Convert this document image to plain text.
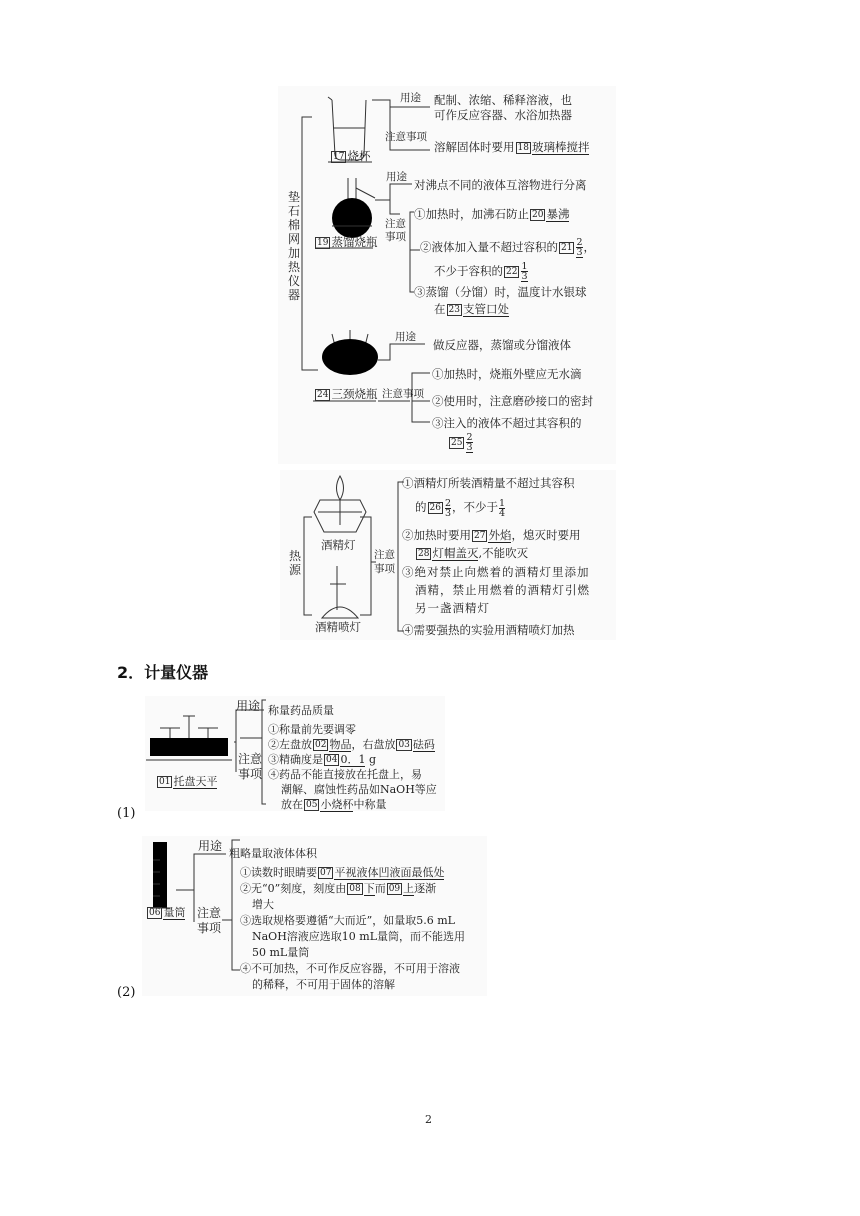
垫
石
棉
网
加
热
仪
器
17 烧杯
用途 配制、浓缩、稀释溶液，也
可作反应容器、水浴加热器
注意事项
溶解固体时要用 18 玻璃棒搅拌
19 蒸馏烧瓶
用途
对沸点不同的液体互溶物进行分离
注意
事项
①加热时，加沸石防止 20 暴沸
②液体加入量不超过容积的 $21 \frac{2}{3}$ ，
不少于容积的 $22 \frac{1}{3}$
③蒸馏（分馏）时，温度计水银球
在 23 支管口处
24 三颈烧瓶
用途
做反应器，蒸馏或分馏液体
注意事项
①加热时，烧瓶外壁应无水滴
②使用时，注意磨砂接口的密封
③注入的液体不超过其容积的
$25 \frac{2}{3}$
热
源
酒精灯
酒精喷灯
注意
事项
①酒精灯所装酒精量不超过其容积
的 $26 \frac{2}{3}$ ，不少于 $\frac{1}{4}$
②加热时要用 27 外焰，熄灭时要用
28 灯帽盖灭,不能吹灭
③绝对禁止向燃着的酒精灯里添加
酒精，禁止用燃着的酒精灯引燃
另一盏酒精灯
④需要强热的实验用酒精喷灯加热
2．计量仪器
用途 称量药品质量
注意
事项
01 托盘天平
①称量前先要调零
②左盘放 02 物品，右盘放 03 砝码
③精确度是 04 0．1 g
④药品不能直接放在托盘上，易
潮解、腐蚀性药品如NaOH等应
放在 05 小烧杯中称量
(1)
用途
粗略量取液体体积
注意
事项
06 量筒
①读数时眼睛要 07 平视液体凹液面最低处
②无“0”刻度，刻度由 08 下而 09 上逐渐
增大
③选取规格要遵循“大而近”，如量取5.6 mL
NaOH溶液应选取10 mL量筒，而不能选用
50 mL量筒
④不可加热，不可作反应容器，不可用于溶液
的稀释，不可用于固体的溶解
(2)
2
